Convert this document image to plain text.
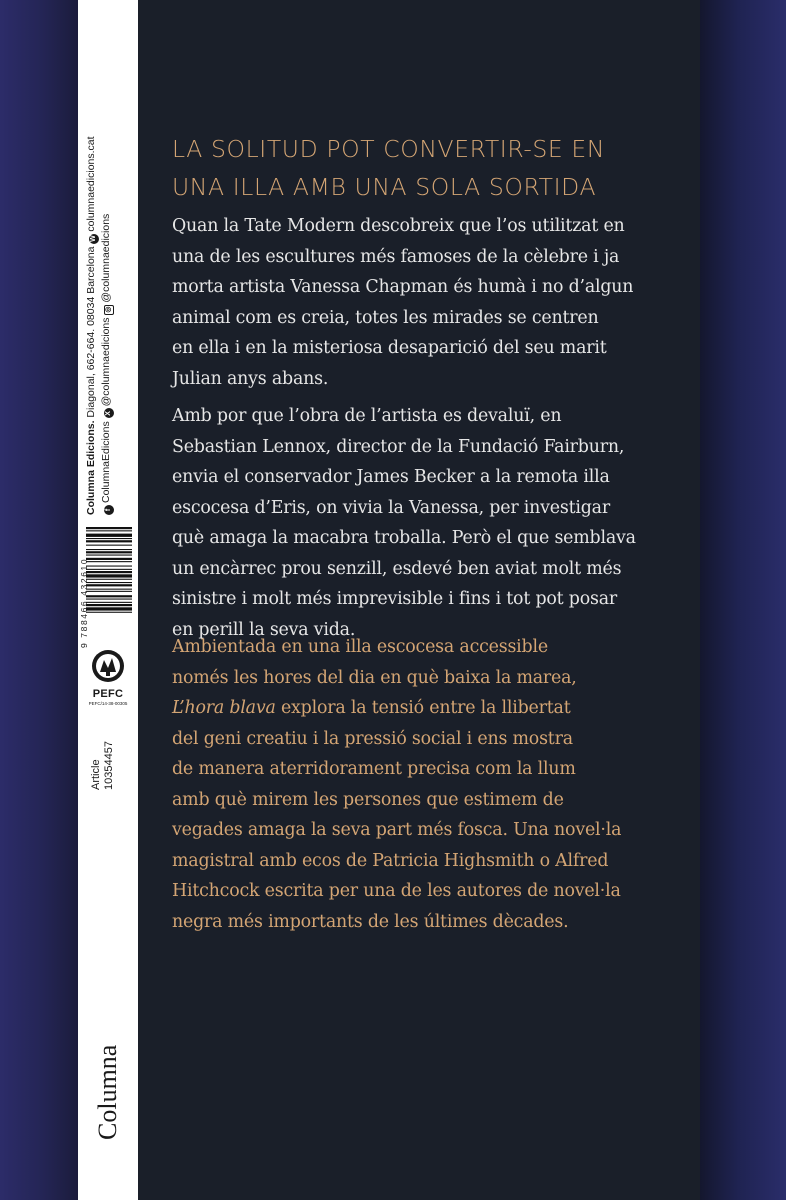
Columna Edicions. Diagonal, 662-664. 08034 Barcelona Wcolumnaedicions.cat
fColumnaEdicions X@columnaedicions ◎@columnaedicions
9 788466 432610
PEFC
PEFC/14-38-00305
Article 10354457
Columna
LA SOLITUD POT CONVERTIR-SE EN
UNA ILLA AMB UNA SOLA SORTIDA
Quan la Tate Modern descobreix que l’os utilitzat en
una de les escultures més famoses de la cèlebre i ja
morta artista Vanessa Chapman és humà i no d’algun
animal com es creia, totes les mirades se centren
en ella i en la misteriosa desaparició del seu marit
Julian anys abans.
Amb por que l’obra de l’artista es devaluï, en
Sebastian Lennox, director de la Fundació Fairburn,
envia el conservador James Becker a la remota illa
escocesa d’Eris, on vivia la Vanessa, per investigar
què amaga la macabra troballa. Però el que semblava
un encàrrec prou senzill, esdevé ben aviat molt més
sinistre i molt més imprevisible i fins i tot pot posar
en perill la seva vida.
Ambientada en una illa escocesa accessible
només les hores del dia en què baixa la marea,
L’hora blava explora la tensió entre la llibertat
del geni creatiu i la pressió social i ens mostra
de manera aterridorament precisa com la llum
amb què mirem les persones que estimem de
vegades amaga la seva part més fosca. Una novel·la
magistral amb ecos de Patricia Highsmith o Alfred
Hitchcock escrita per una de les autores de novel·la
negra més importants de les últimes dècades.
